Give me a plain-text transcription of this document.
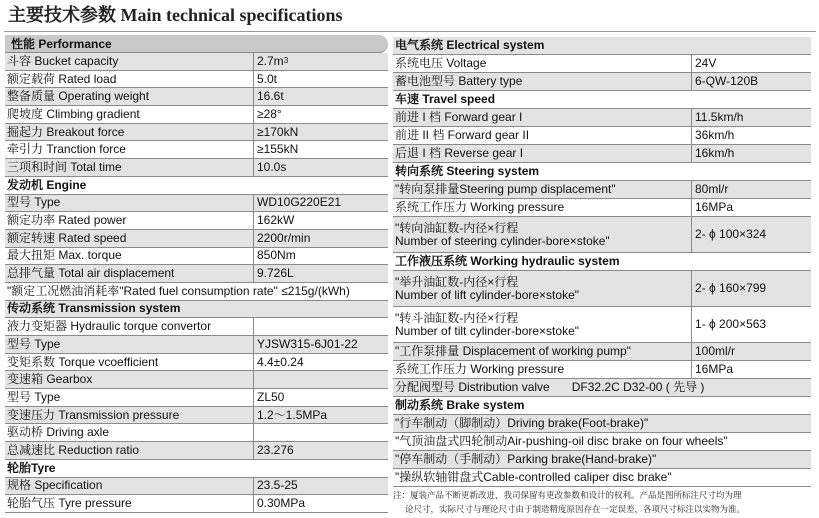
主要技术参数 Main technical specifications
性能 Performance
斗容 Bucket capacity	2.7m 3
额定载荷 Rated load	5.0t
整备质量 Operating weight	16.6t
爬坡度 Climbing gradient	≥28°
掘起力 Breakout force	≥170kN
牵引力 Tranction force	≥155kN
三项和时间 Total time	10.0s
发动机 Engine
型号 Type	WD10G220E21
额定功率 Rated power	162kW
额定转速 Rated speed	2200r/min
最大扭矩 Max. torque	850Nm
总排气量 Total air displacement	9.726L
"额定工况燃油消耗率"Rated fuel consumption rate" ≤215g/(kWh)
传动系统 Transmission system
液力变矩器 Hydraulic torque convertor
型号 Type	YJSW315-6J01-22
变矩系数 Torque vcoefficient	4.4±0.24
变速箱 Gearbox
型号 Type	ZL50
变速压力 Transmission pressure	1.2～1.5MPa
驱动桥 Driving axle
总减速比 Reduction ratio	23.276
轮胎Tyre
规格 Specification	23.5-25
轮胎气压 Tyre pressure	0.30MPa
电气系统 Electrical system
系统电压 Voltage	24V
蓄电池型号 Battery type	6-QW-120B
车速 Travel speed
前进 I 档 Forward gear I	11.5km/h
前进 II 档 Forward gear II	36km/h
后退 I 档 Reverse gear I	16km/h
转向系统 Steering system
"转向泵排量Steering pump displacement"	80ml/r
系统工作压力 Working pressure	16MPa
"转向油缸数-内径×行程
Number of steering cylinder-bore×stoke"	2- ϕ 100×324
工作液压系统 Working hydraulic system
"举升油缸数-内径×行程
Number of lift cylinder-bore×stoke"	2- ϕ 160×799
"转斗油缸数-内径×行程
Number of tilt cylinder-bore×stoke"	1- ϕ 200×563
"工作泵排量 Displacement of working pump"	100ml/r
系统工作压力 Working pressure	16MPa
分配阀型号 Distribution valve	DF32.2C D32-00 ( 先导 )
制动系统 Brake system
"行车制动（脚制动）Driving brake(Foot-brake)"
"气顶油盘式四轮制动Air-pushing-oil disc brake on four wheels"
"停车制动（手制动）Parking brake(Hand-brake)"
"操纵软轴钳盘式Cable-controlled caliper disc brake"
注：厦装产品不断更新改进，我司保留有更改参数和设计的权利。产品是图所标注尺寸均为理
论尺寸，实际尺寸与理论尺寸由于制造精度原因存在一定误差，各项尺寸标注以实物为准。
